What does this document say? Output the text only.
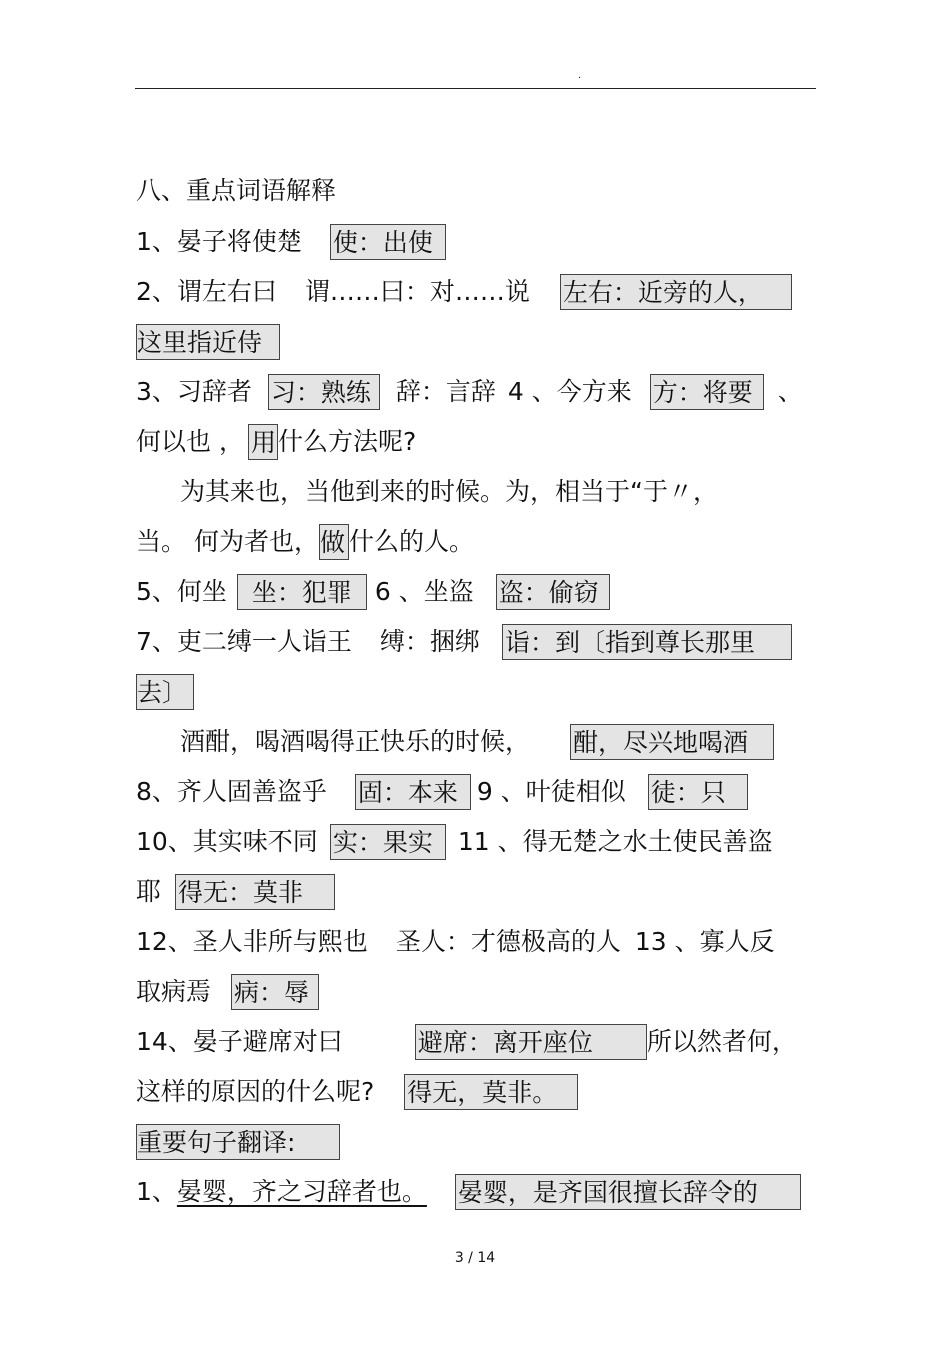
.
八、重点词语解释
1、晏子将使楚 使：出使
2、谓左右曰 谓……曰：对……说 左右：近旁的人，
这里指近侍
3、习辞者 习：熟练 辞：言辞 4 、今方来 方：将要 、
何以也 ， 用什么方法呢?
为其来也，当他到来的时候。为，相当于“于〃，
当。 何为者也，做 什么的人。
5、何坐 坐：犯罪 6 、坐盗 盗：偷窃
7、吏二缚一人诣王 缚：捆绑 诣：到〔指到尊长那里
去〕
酒酣，喝酒喝得正快乐的时候， 酣，尽兴地喝酒
8、齐人固善盗乎 固：本来 9 、叶徒相似 徒：只
10、其实味不同 实：果实 11 、得无楚之水土使民善盗
耶 得无：莫非
12、圣人非所与熙也 圣人：才德极高的人 13 、寡人反
取病焉 病：辱
14、晏子避席对曰	避席：离开座位 所以然者何，
这样的原因的什么呢? 得无，莫非。
重要句子翻译:
1、晏婴，齐之习辞者也。 晏婴，是齐国很擅长辞令的
3 / 14
